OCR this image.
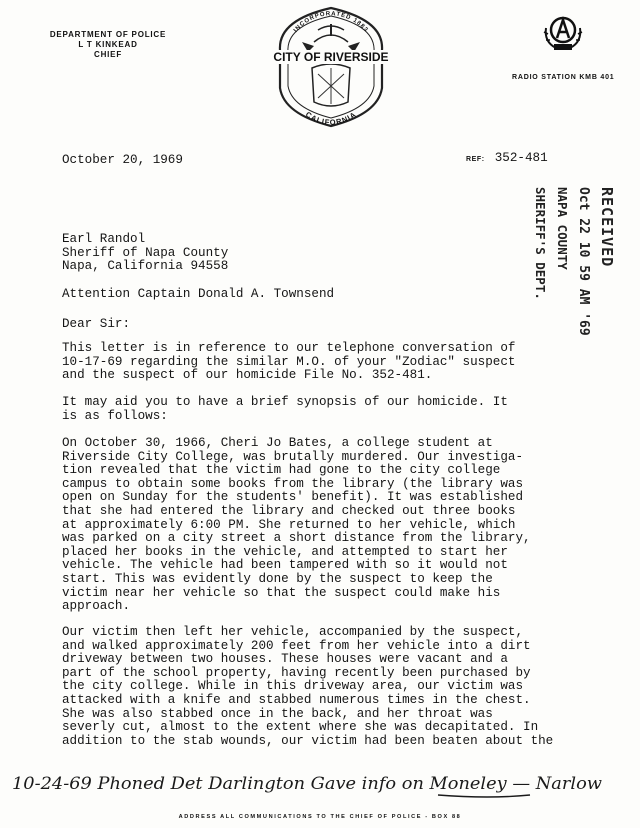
DEPARTMENT OF POLICE
L T KINKEAD
CHIEF
INCORPORATED 1883
CITY OF RIVERSIDE
CALIFORNIA
RADIO STATION KMB 401
October 20, 1969	REF: 352-481
RECEIVED
Oct 22 10 59 AM '69
NAPA COUNTY
SHERIFF'S DEPT.
Earl Randol
Sheriff of Napa County
Napa, California 94558
Attention Captain Donald A. Townsend
Dear Sir:
This letter is in reference to our telephone conversation of
10-17-69 regarding the similar M.O. of your "Zodiac" suspect
and the suspect of our homicide File No. 352-481.
It may aid you to have a brief synopsis of our homicide. It
is as follows:
On October 30, 1966, Cheri Jo Bates, a college student at
Riverside City College, was brutally murdered. Our investiga-
tion revealed that the victim had gone to the city college
campus to obtain some books from the library (the library was
open on Sunday for the students' benefit). It was established
that she had entered the library and checked out three books
at approximately 6:00 PM. She returned to her vehicle, which
was parked on a city street a short distance from the library,
placed her books in the vehicle, and attempted to start her
vehicle. The vehicle had been tampered with so it would not
start. This was evidently done by the suspect to keep the
victim near her vehicle so that the suspect could make his
approach.
Our victim then left her vehicle, accompanied by the suspect,
and walked approximately 200 feet from her vehicle into a dirt
driveway between two houses. These houses were vacant and a
part of the school property, having recently been purchased by
the city college. While in this driveway area, our victim was
attacked with a knife and stabbed numerous times in the chest.
She was also stabbed once in the back, and her throat was
severly cut, almost to the extent where she was decapitated. In
addition to the stab wounds, our victim had been beaten about the
10-24-69 Phoned Det Darlington Gave info on Moneley — Narlow
ADDRESS ALL COMMUNICATIONS TO THE CHIEF OF POLICE - BOX 88
